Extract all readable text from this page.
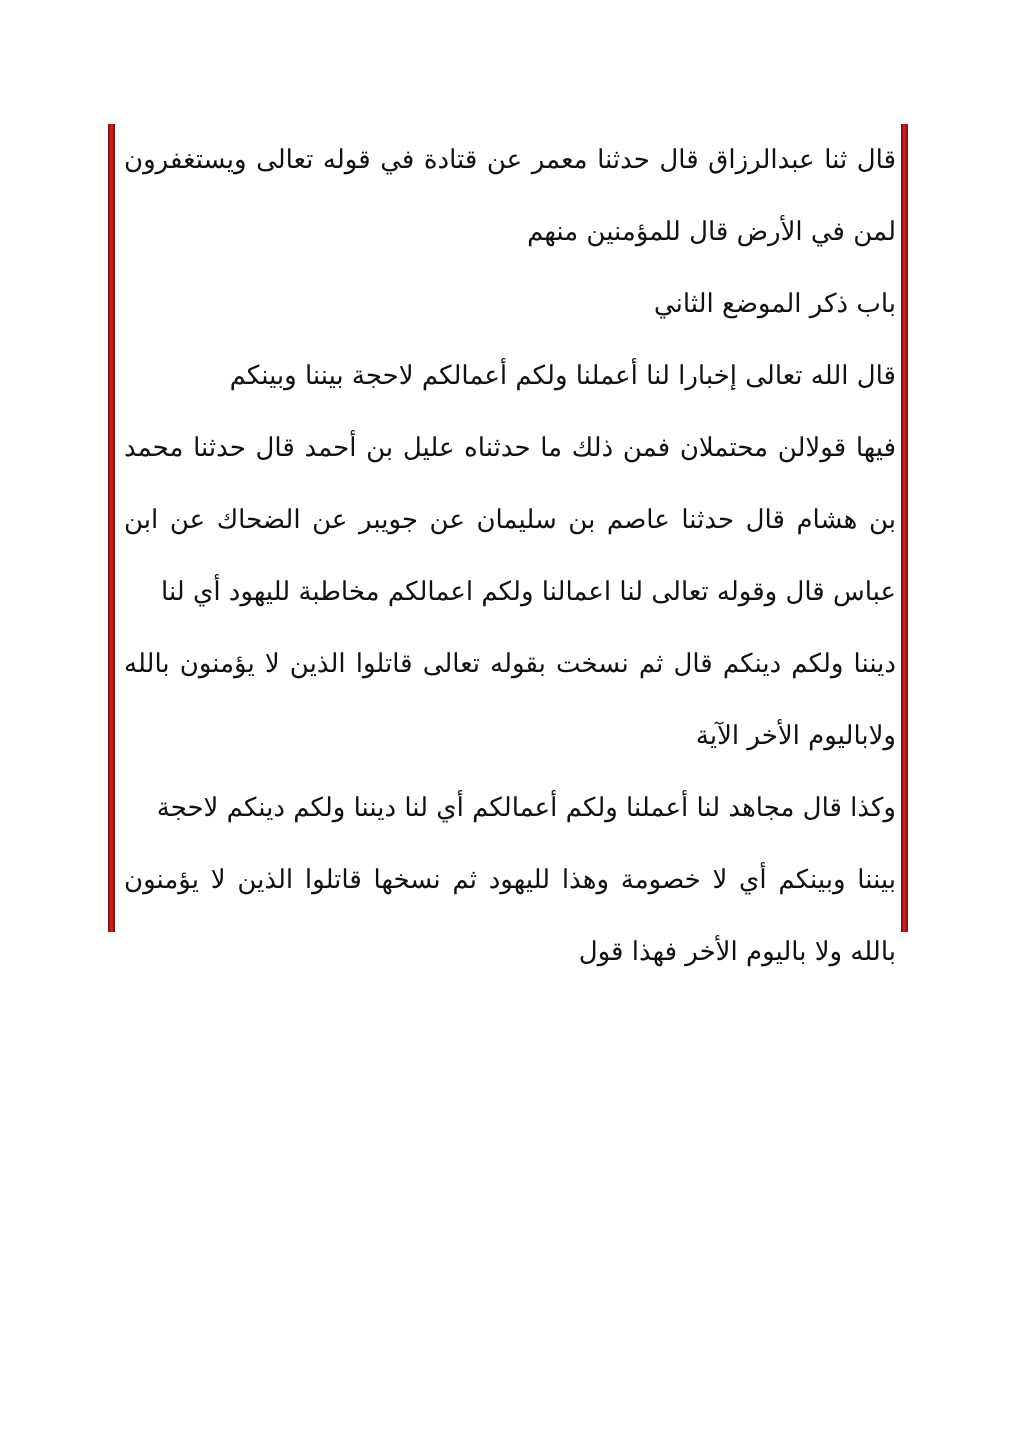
قال ثنا عبدالرزاق قال حدثنا معمر عن قتادة في قوله تعالى ويستغفرون
لمن في الأرض قال للمؤمنين منهم
باب ذكر الموضع الثاني
قال الله تعالى إخبارا لنا أعملنا ولكم أعمالكم لاحجة بيننا وبينكم
فيها قولالن محتملان فمن ذلك ما حدثناه عليل بن أحمد قال حدثنا محمد
بن هشام قال حدثنا عاصم بن سليمان عن جويبر عن الضحاك عن ابن
عباس قال وقوله تعالى لنا اعمالنا ولكم اعمالكم مخاطبة لليهود أي لنا
ديننا ولكم دينكم قال ثم نسخت بقوله تعالى قاتلوا الذين لا يؤمنون بالله
ولاباليوم الأخر الآية
وكذا قال مجاهد لنا أعملنا ولكم أعمالكم أي لنا ديننا ولكم دينكم لاحجة
بيننا وبينكم أي لا خصومة وهذا لليهود ثم نسخها قاتلوا الذين لا يؤمنون
بالله ولا باليوم الأخر فهذا قول
